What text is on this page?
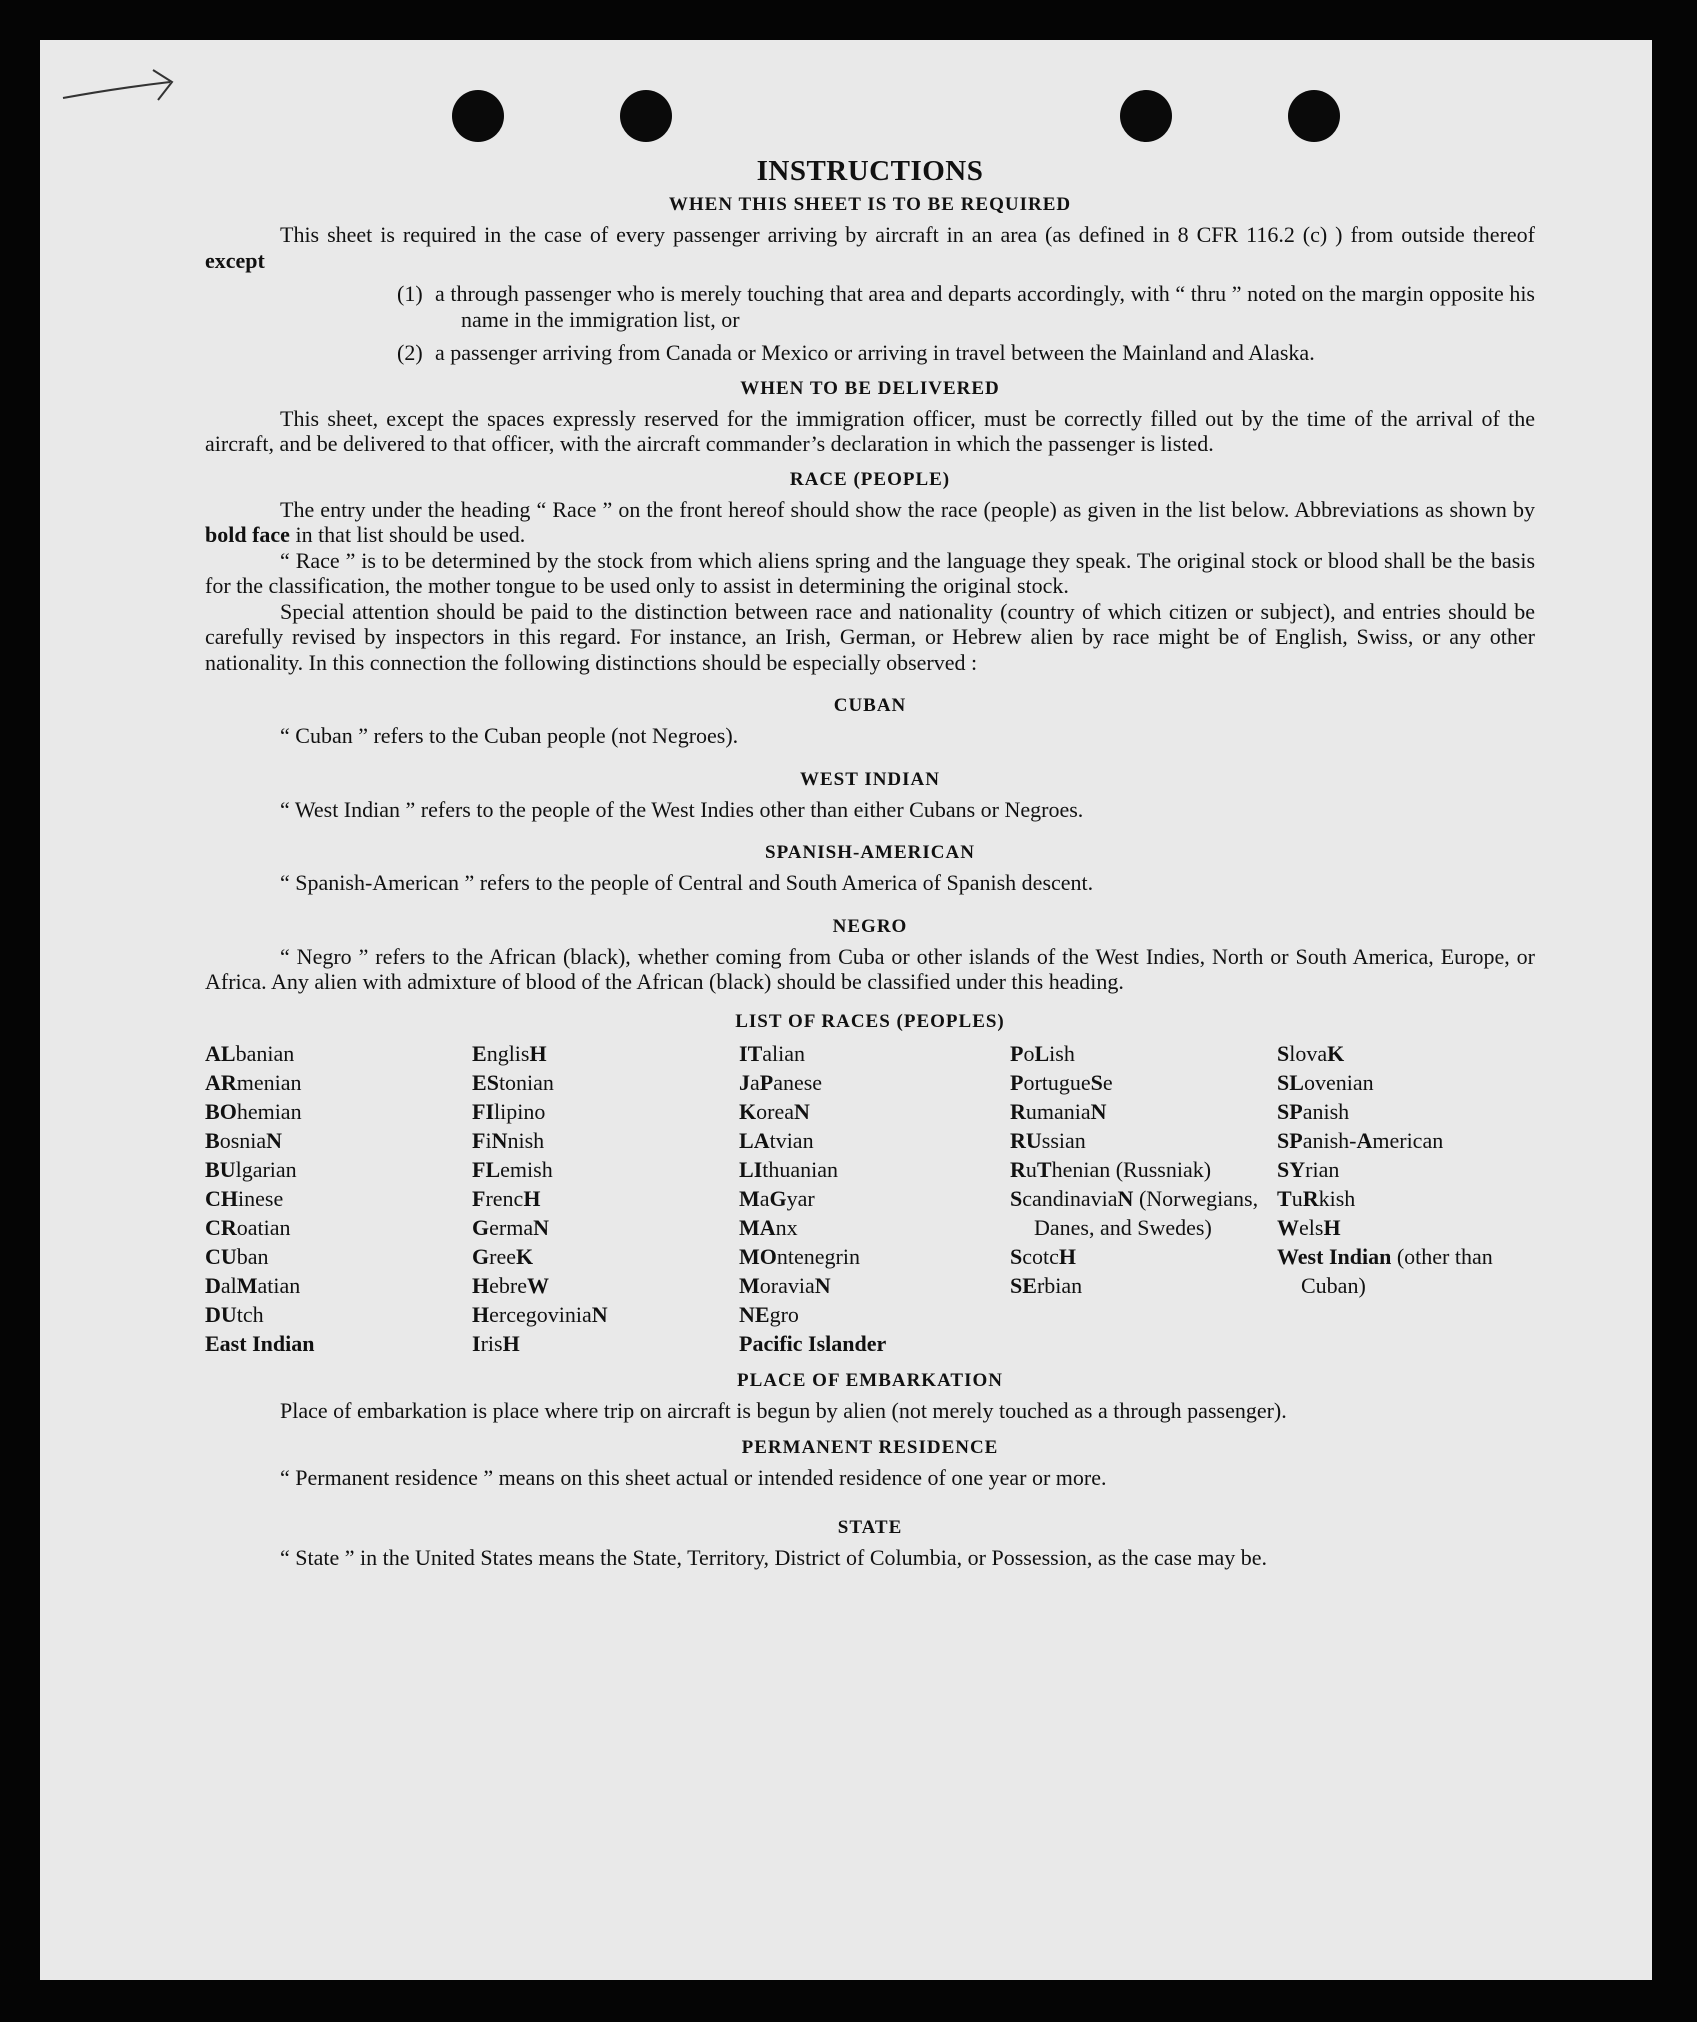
INSTRUCTIONS
WHEN THIS SHEET IS TO BE REQUIRED

This sheet is required in the case of every passenger arriving by aircraft in an area (as defined in 8 CFR 116.2 (c) ) from outside thereof except

(1) a through passenger who is merely touching that area and departs accordingly, with “ thru ” noted on the margin opposite his name in the immigration list, or
(2) a passenger arriving from Canada or Mexico or arriving in travel between the Mainland and Alaska.
WHEN TO BE DELIVERED

This sheet, except the spaces expressly reserved for the immigration officer, must be correctly filled out by the time of the arrival of the aircraft, and be delivered to that officer, with the aircraft commander’s declaration in which the passenger is listed.

RACE (PEOPLE)

The entry under the heading “ Race ” on the front hereof should show the race (people) as given in the list below. Abbreviations as shown by bold face in that list should be used.

“ Race ” is to be determined by the stock from which aliens spring and the language they speak. The original stock or blood shall be the basis for the classification, the mother tongue to be used only to assist in determining the original stock.

Special attention should be paid to the distinction between race and nationality (country of which citizen or subject), and entries should be carefully revised by inspectors in this regard. For instance, an Irish, German, or Hebrew alien by race might be of English, Swiss, or any other nationality. In this connection the following distinctions should be especially observed :

CUBAN

“ Cuban ” refers to the Cuban people (not Negroes).

WEST INDIAN

“ West Indian ” refers to the people of the West Indies other than either Cubans or Negroes.

SPANISH-AMERICAN

“ Spanish-American ” refers to the people of Central and South America of Spanish descent.

NEGRO

“ Negro ” refers to the African (black), whether coming from Cuba or other islands of the West Indies, North or South America, Europe, or Africa. Any alien with admixture of blood of the African (black) should be classified under this heading.

LIST OF RACES (PEOPLES)
ALbanian
ARmenian
BOhemian
BosniaN
BUlgarian
CHinese
CRoatian
CUban
DalMatian
DUtch
East Indian
EnglisH
EStonian
FIlipino
FiNnish
FLemish
FrencH
GermaN
GreeK
HebreW
HercegoviniaN
IrisH
ITalian
JaPanese
KoreaN
LAtvian
LIthuanian
MaGyar
MAnx
MOntenegrin
MoraviaN
NEgro
Pacific Islander
PoLish
PortugueSe
RumaniaN
RUssian
RuThenian (Russniak)
ScandinaviaN (Norwegians, Danes, and Swedes)
ScotcH
SErbian
SlovaK
SLovenian
SPanish
SPanish-American
SYrian
TuRkish
WelsH
West Indian (other than Cuban)
PLACE OF EMBARKATION

Place of embarkation is place where trip on aircraft is begun by alien (not merely touched as a through passenger).

PERMANENT RESIDENCE

“ Permanent residence ” means on this sheet actual or intended residence of one year or more.

STATE

“ State ” in the United States means the State, Territory, District of Columbia, or Possession, as the case may be.
